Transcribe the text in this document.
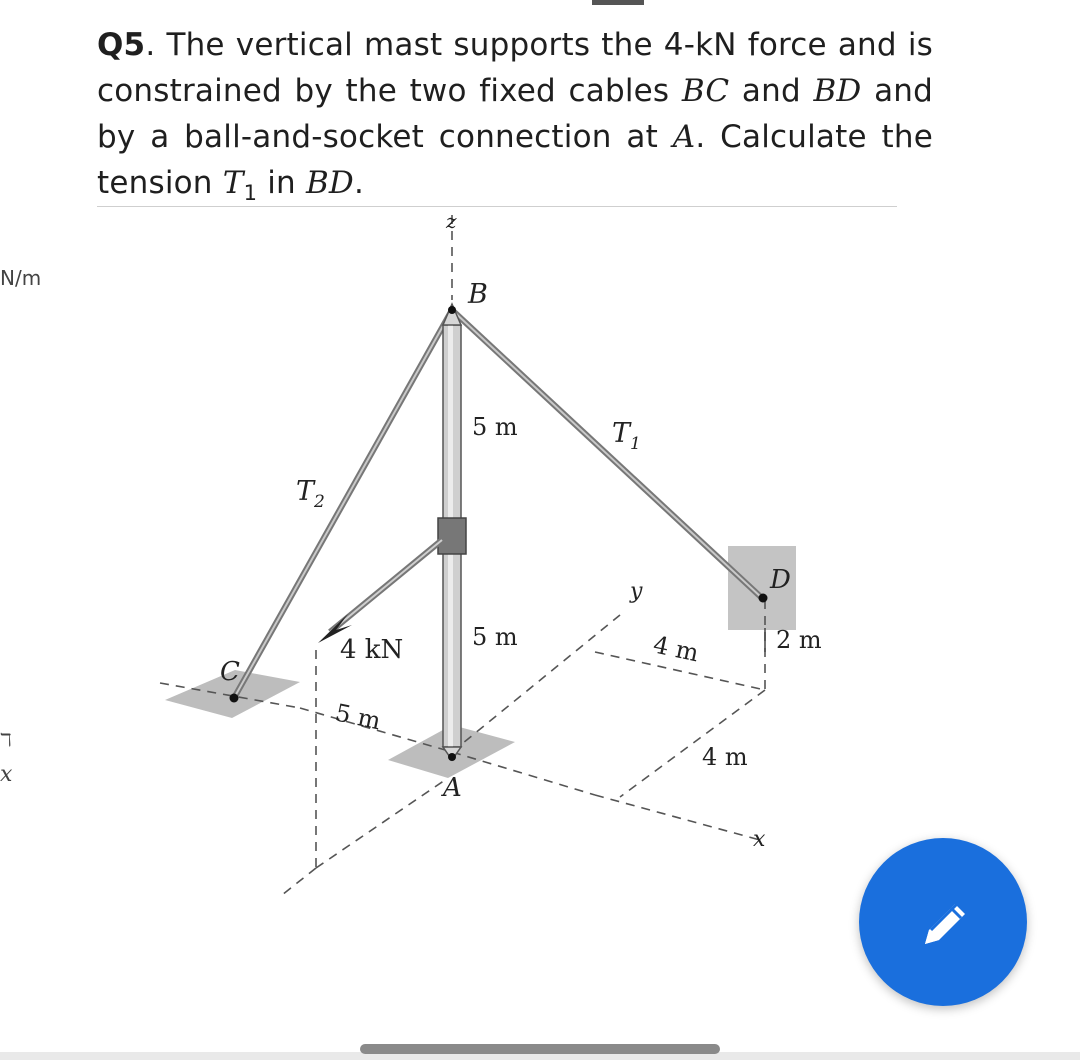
Q5. The vertical mast supports the 4-kN force and is constrained by the two fixed cables BC and BD and by a ball-and-socket connection at A. Calculate the tension $T_1$ in BD.
N/m
ℸ
x
z
B
5 m	$T_1$
$T_2$
y	D
4 kN	5 m	4 m	2 m
C
5 m
4 m
A
x
